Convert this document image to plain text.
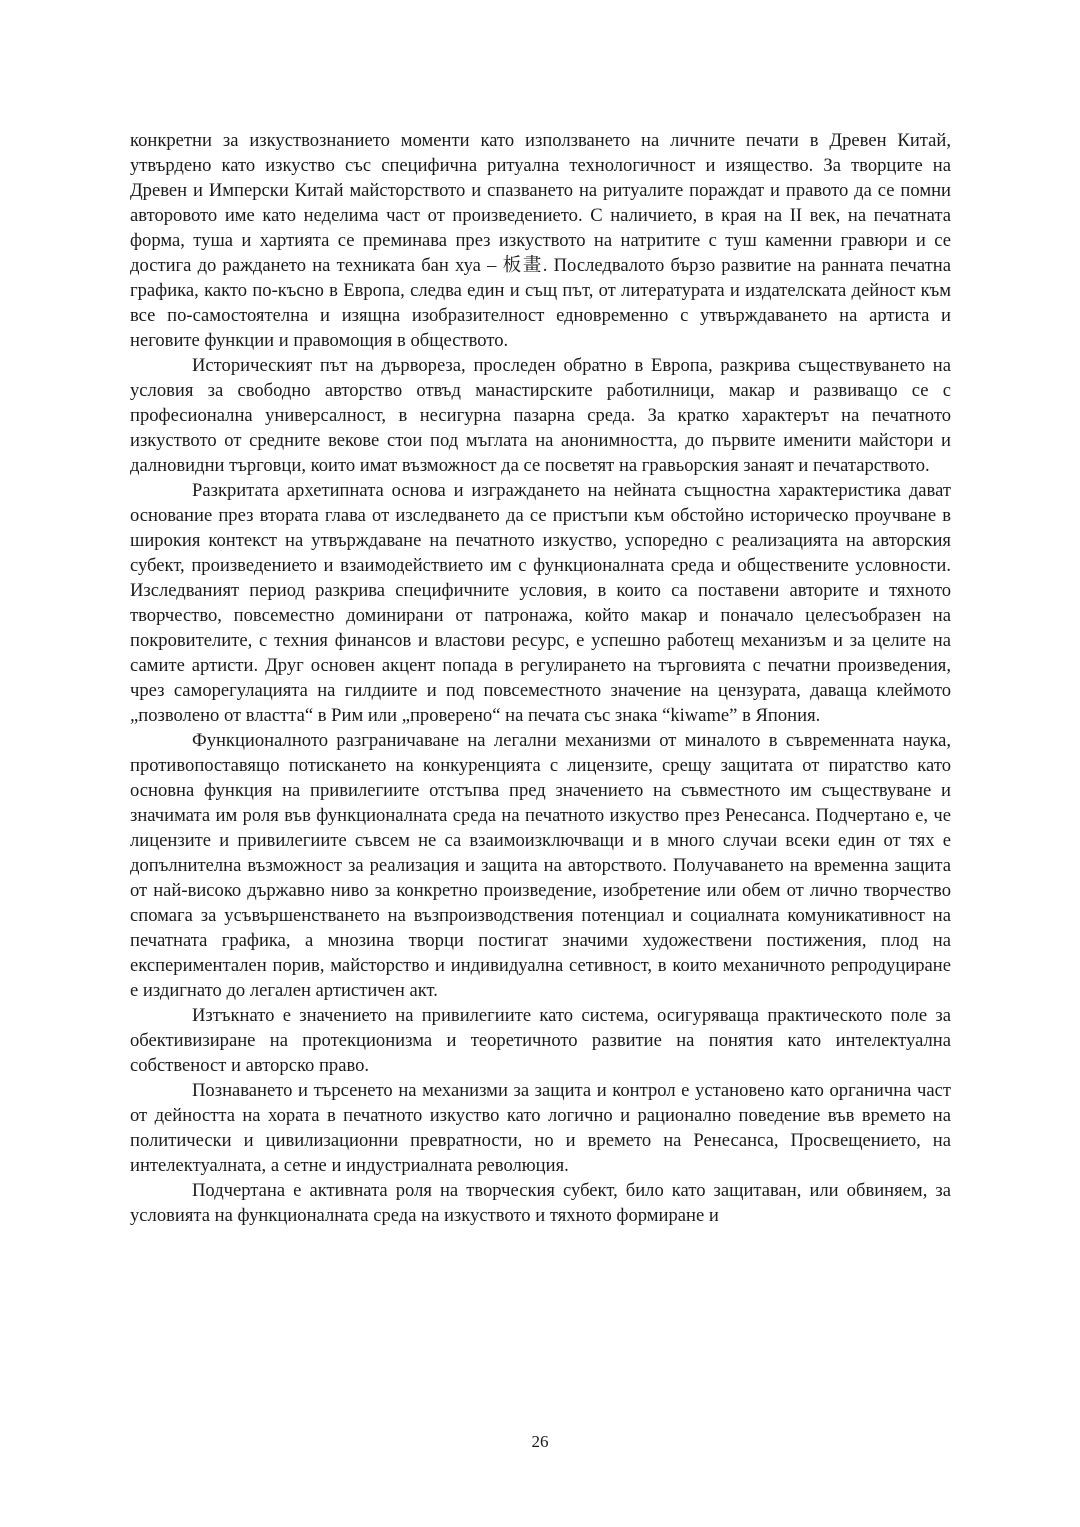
конкретни за изкуствознанието моменти като използването на личните печати в Древен Китай, утвърдено като изкуство със специфична ритуална технологичност и изящество. За творците на Древен и Имперски Китай майсторството и спазването на ритуалите пораждат и правото да се помни авторовото име като неделима част от произведението. С наличието, в края на II век, на печатната форма, туша и хартията се преминава през изкуството на натритите с туш каменни гравюри и се достига до раждането на техниката бан хуа – 板畫. Последвалото бързо развитие на ранната печатна графика, както по-късно в Европа, следва един и същ път, от литературата и издателската дейност към все по-самостоятелна и изящна изобразителност едновременно с утвърждаването на артиста и неговите функции и правомощия в обществото.

Историческият път на дървореза, проследен обратно в Европа, разкрива съществуването на условия за свободно авторство отвъд манастирските работилници, макар и развиващо се с професионална универсалност, в несигурна пазарна среда. За кратко характерът на печатното изкуството от средните векове стои под мъглата на анонимността, до първите именити майстори и далновидни търговци, които имат възможност да се посветят на гравьорския занаят и печатарството.

Разкритата архетипната основа и изграждането на нейната същностна характеристика дават основание през втората глава от изследването да се пристъпи към обстойно историческо проучване в широкия контекст на утвърждаване на печатното изкуство, успоредно с реализацията на авторския субект, произведението и взаимодействието им с функционалната среда и обществените условности. Изследваният период разкрива специфичните условия, в които са поставени авторите и тяхното творчество, повсеместно доминирани от патронажа, който макар и поначало целесъобразен на покровителите, с техния финансов и властови ресурс, е успешно работещ механизъм и за целите на самите артисти. Друг основен акцент попада в регулирането на търговията с печатни произведения, чрез саморегулацията на гилдиите и под повсеместното значение на цензурата, даваща клеймото „позволено от властта“ в Рим или „проверено“ на печата със знака “kiwame” в Япония.

Функционалното разграничаване на легални механизми от миналото в съвременната наука, противопоставящо потискането на конкуренцията с лицензите, срещу защитата от пиратство като основна функция на привилегиите отстъпва пред значението на съвместното им съществуване и значимата им роля във функционалната среда на печатното изкуство през Ренесанса. Подчертано е, че лицензите и привилегиите съвсем не са взаимоизключващи и в много случаи всеки един от тях е допълнителна възможност за реализация и защита на авторството. Получаването на временна защита от най-високо държавно ниво за конкретно произведение, изобретение или обем от лично творчество спомага за усъвършенстването на възпроизводствения потенциал и социалната комуникативност на печатната графика, а мнозина творци постигат значими художествени постижения, плод на експериментален порив, майсторство и индивидуална сетивност, в които механичното репродуциране е издигнато до легален артистичен акт.

Изтъкнато е значението на привилегиите като система, осигуряваща практическото поле за обективизиране на протекционизма и теоретичното развитие на понятия като интелектуална собственост и авторско право.

Познаването и търсенето на механизми за защита и контрол е установено като органична част от дейността на хората в печатното изкуство като логично и рационално поведение във времето на политически и цивилизационни превратности, но и времето на Ренесанса, Просвещението, на интелектуалната, а сетне и индустриалната революция.

Подчертана е активната роля на творческия субект, било като защитаван, или обвиняем, за условията на функционалната среда на изкуството и тяхното формиране и

26
